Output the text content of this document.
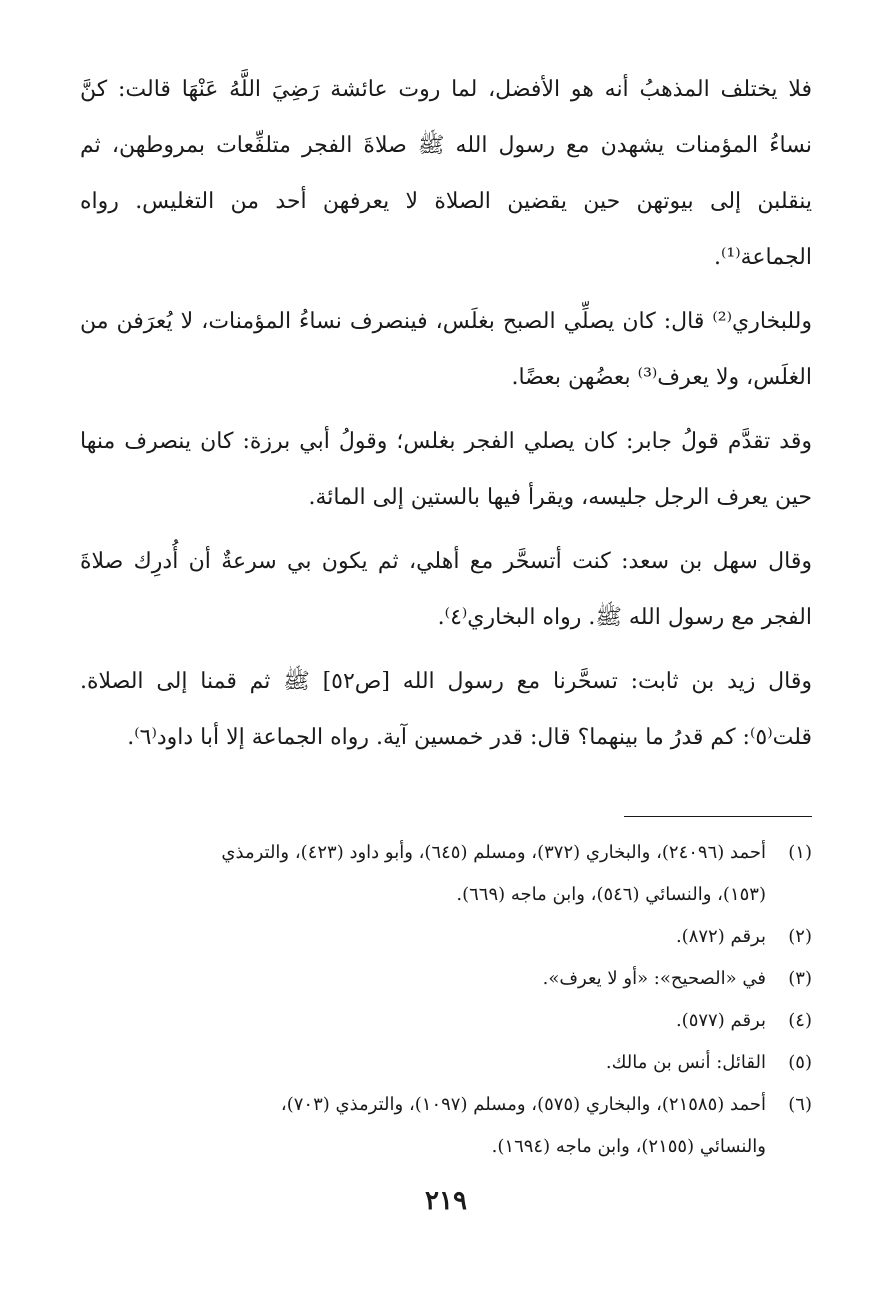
فلا يختلف المذهبُ أنه هو الأفضل، لما روت عائشة رَضِيَ اللَّهُ عَنْهَا قالت: كنَّ نساءُ المؤمنات يشهدن مع رسول الله ﷺ صلاةَ الفجر متلفِّعات بمروطهن، ثم ينقلبن إلى بيوتهن حين يقضين الصلاة لا يعرفهن أحد من التغليس. رواه الجماعة⁽¹⁾.

وللبخاري⁽²⁾ قال: كان يصلِّي الصبح بغلَس، فينصرف نساءُ المؤمنات، لا يُعرَفن من الغلَس، ولا يعرف⁽³⁾ بعضُهن بعضًا.

وقد تقدَّم قولُ جابر: كان يصلي الفجر بغلس؛ وقولُ أبي برزة: كان ينصرف منها حين يعرف الرجل جليسه، ويقرأ فيها بالستين إلى المائة.

وقال سهل بن سعد: كنت أتسحَّر مع أهلي، ثم يكون بي سرعةٌ أن أُدرِك صلاةَ الفجر مع رسول الله ﷺ. رواه البخاري⁽٤⁾.

وقال زيد بن ثابت: تسحَّرنا مع رسول الله [ص٥٢] ﷺ ثم قمنا إلى الصلاة. قلت⁽٥⁾: كم قدرُ ما بينهما؟ قال: قدر خمسين آية. رواه الجماعة إلا أبا داود⁽٦⁾.

(١)أحمد (٢٤٠٩٦)، والبخاري (٣٧٢)، ومسلم (٦٤٥)، وأبو داود (٤٢٣)، والترمذي
(١٥٣)، والنسائي (٥٤٦)، وابن ماجه (٦٦٩).
(٢)برقم (٨٧٢).
(٣)في «الصحيح»: «أو لا يعرف».
(٤)برقم (٥٧٧).
(٥)القائل: أنس بن مالك.
(٦)أحمد (٢١٥٨٥)، والبخاري (٥٧٥)، ومسلم (١٠٩٧)، والترمذي (٧٠٣)،
والنسائي (٢١٥٥)، وابن ماجه (١٦٩٤).
٢١٩
